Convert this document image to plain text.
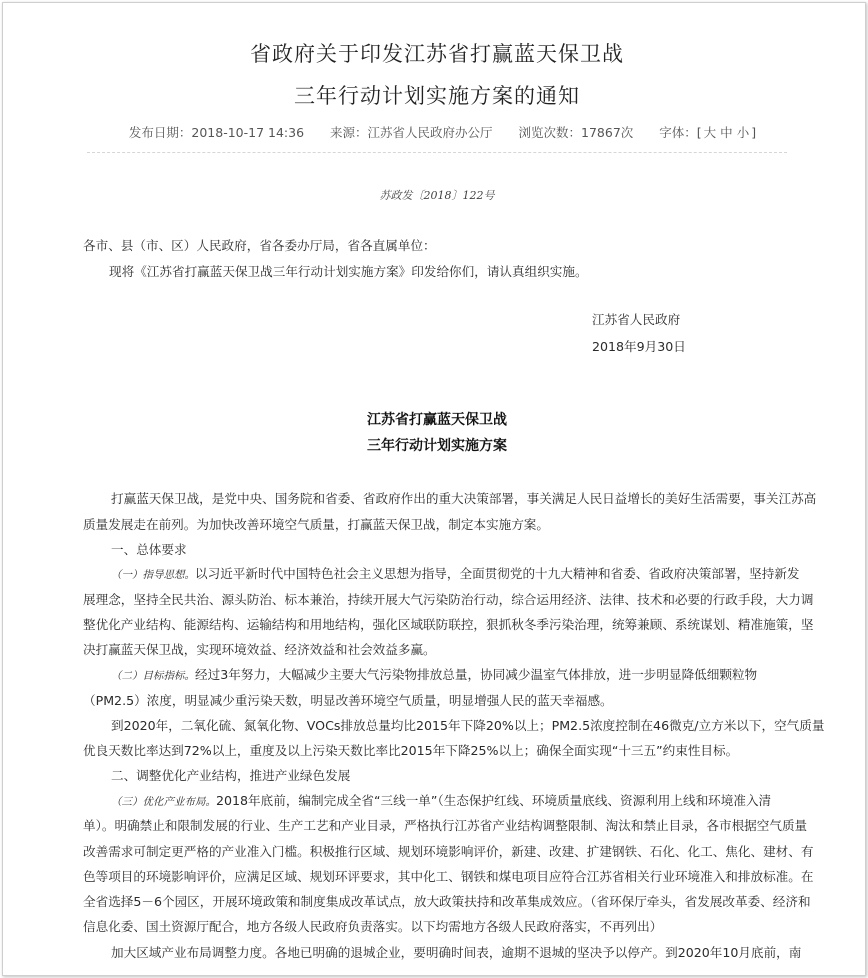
省政府关于印发江苏省打赢蓝天保卫战
三年行动计划实施方案的通知
发布日期：2018-10-17 14:36 来源：江苏省人民政府办公厅 浏览次数：17867次 字体：[ 大 中 小 ]
苏政发〔2018〕122号
各市、县（市、区）人民政府，省各委办厅局，省各直属单位：
现将《江苏省打赢蓝天保卫战三年行动计划实施方案》印发给你们，请认真组织实施。
江苏省人民政府
2018年9月30日
江苏省打赢蓝天保卫战
三年行动计划实施方案
打赢蓝天保卫战，是党中央、国务院和省委、省政府作出的重大决策部署，事关满足人民日益增长的美好生活需要，事关江苏高
质量发展走在前列。为加快改善环境空气质量，打赢蓝天保卫战，制定本实施方案。
一、总体要求
（一）指导思想。以习近平新时代中国特色社会主义思想为指导，全面贯彻党的十九大精神和省委、省政府决策部署，坚持新发
展理念，坚持全民共治、源头防治、标本兼治，持续开展大气污染防治行动，综合运用经济、法律、技术和必要的行政手段，大力调
整优化产业结构、能源结构、运输结构和用地结构，强化区域联防联控，狠抓秋冬季污染治理，统筹兼顾、系统谋划、精准施策，坚
决打赢蓝天保卫战，实现环境效益、经济效益和社会效益多赢。
（二）目标指标。经过3年努力，大幅减少主要大气污染物排放总量，协同减少温室气体排放，进一步明显降低细颗粒物
（PM2.5）浓度，明显减少重污染天数，明显改善环境空气质量，明显增强人民的蓝天幸福感。
到2020年，二氧化硫、氮氧化物、VOCs排放总量均比2015年下降20%以上；PM2.5浓度控制在46微克/立方米以下，空气质量
优良天数比率达到72%以上，重度及以上污染天数比率比2015年下降25%以上；确保全面实现“十三五”约束性目标。
二、调整优化产业结构，推进产业绿色发展
（三）优化产业布局。2018年底前，编制完成全省“三线一单”（生态保护红线、环境质量底线、资源利用上线和环境准入清
单）。明确禁止和限制发展的行业、生产工艺和产业目录，严格执行江苏省产业结构调整限制、淘汰和禁止目录，各市根据空气质量
改善需求可制定更严格的产业准入门槛。积极推行区域、规划环境影响评价，新建、改建、扩建钢铁、石化、化工、焦化、建材、有
色等项目的环境影响评价，应满足区域、规划环评要求，其中化工、钢铁和煤电项目应符合江苏省相关行业环境准入和排放标准。在
全省选择5－6个园区，开展环境政策和制度集成改革试点，放大政策扶持和改革集成效应。（省环保厅牵头，省发展改革委、经济和
信息化委、国土资源厅配合，地方各级人民政府负责落实。以下均需地方各级人民政府落实，不再列出）
加大区域产业布局调整力度。各地已明确的退城企业，要明确时间表，逾期不退城的坚决予以停产。到2020年10月底前，南
